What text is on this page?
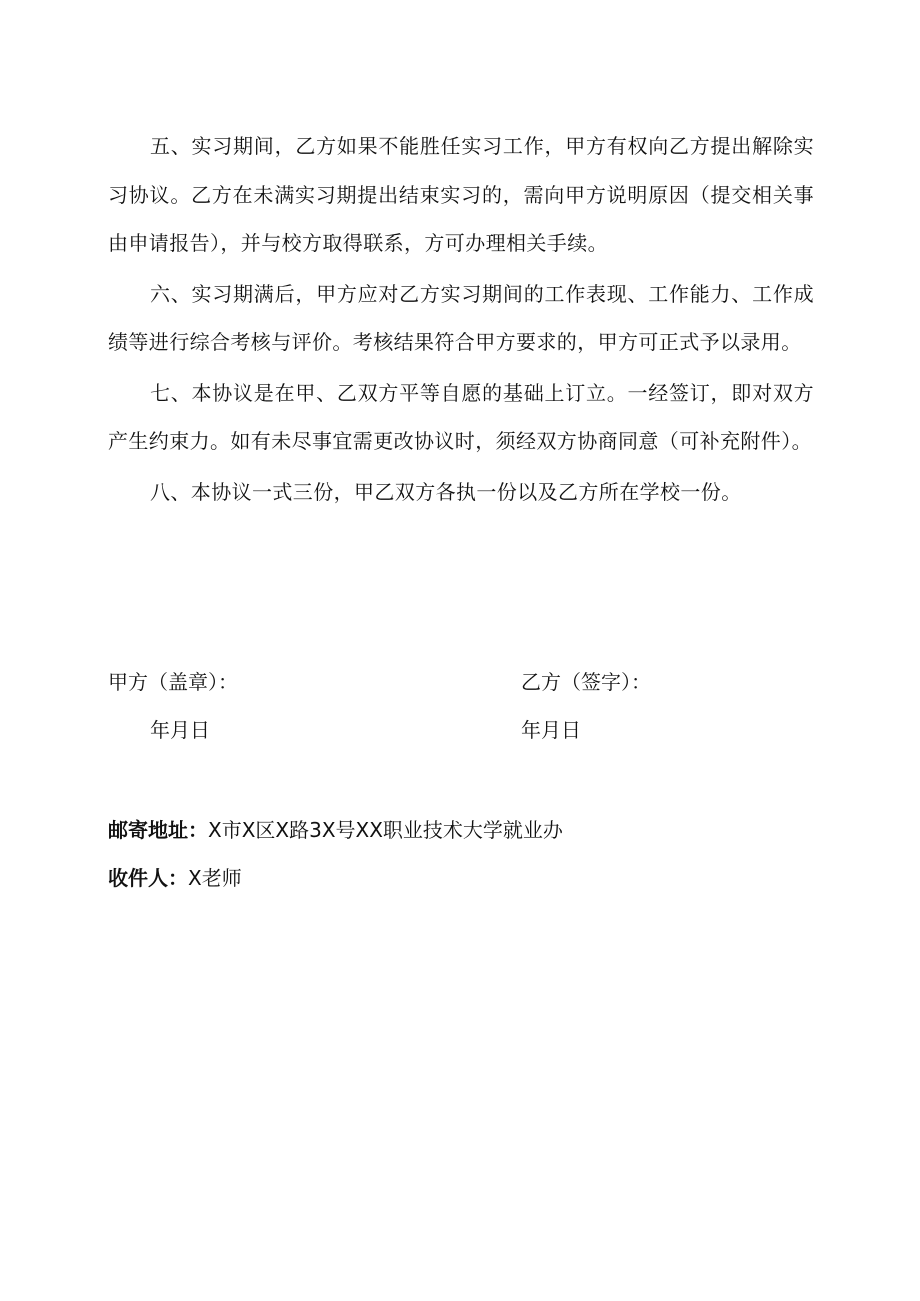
五、实习期间，乙方如果不能胜任实习工作，甲方有权向乙方提出解除实习协议。乙方在未满实习期提出结束实习的，需向甲方说明原因（提交相关事由申请报告），并与校方取得联系，方可办理相关手续。

六、实习期满后，甲方应对乙方实习期间的工作表现、工作能力、工作成绩等进行综合考核与评价。考核结果符合甲方要求的，甲方可正式予以录用。

七、本协议是在甲、乙双方平等自愿的基础上订立。一经签订，即对双方产生约束力。如有未尽事宜需更改协议时，须经双方协商同意（可补充附件）。

八、本协议一式三份，甲乙双方各执一份以及乙方所在学校一份。

甲方（盖章）：
年月日
乙方（签字）：
年月日
邮寄地址：X市X区X路3X号XX职业技术大学就业办
收件人：X老师
